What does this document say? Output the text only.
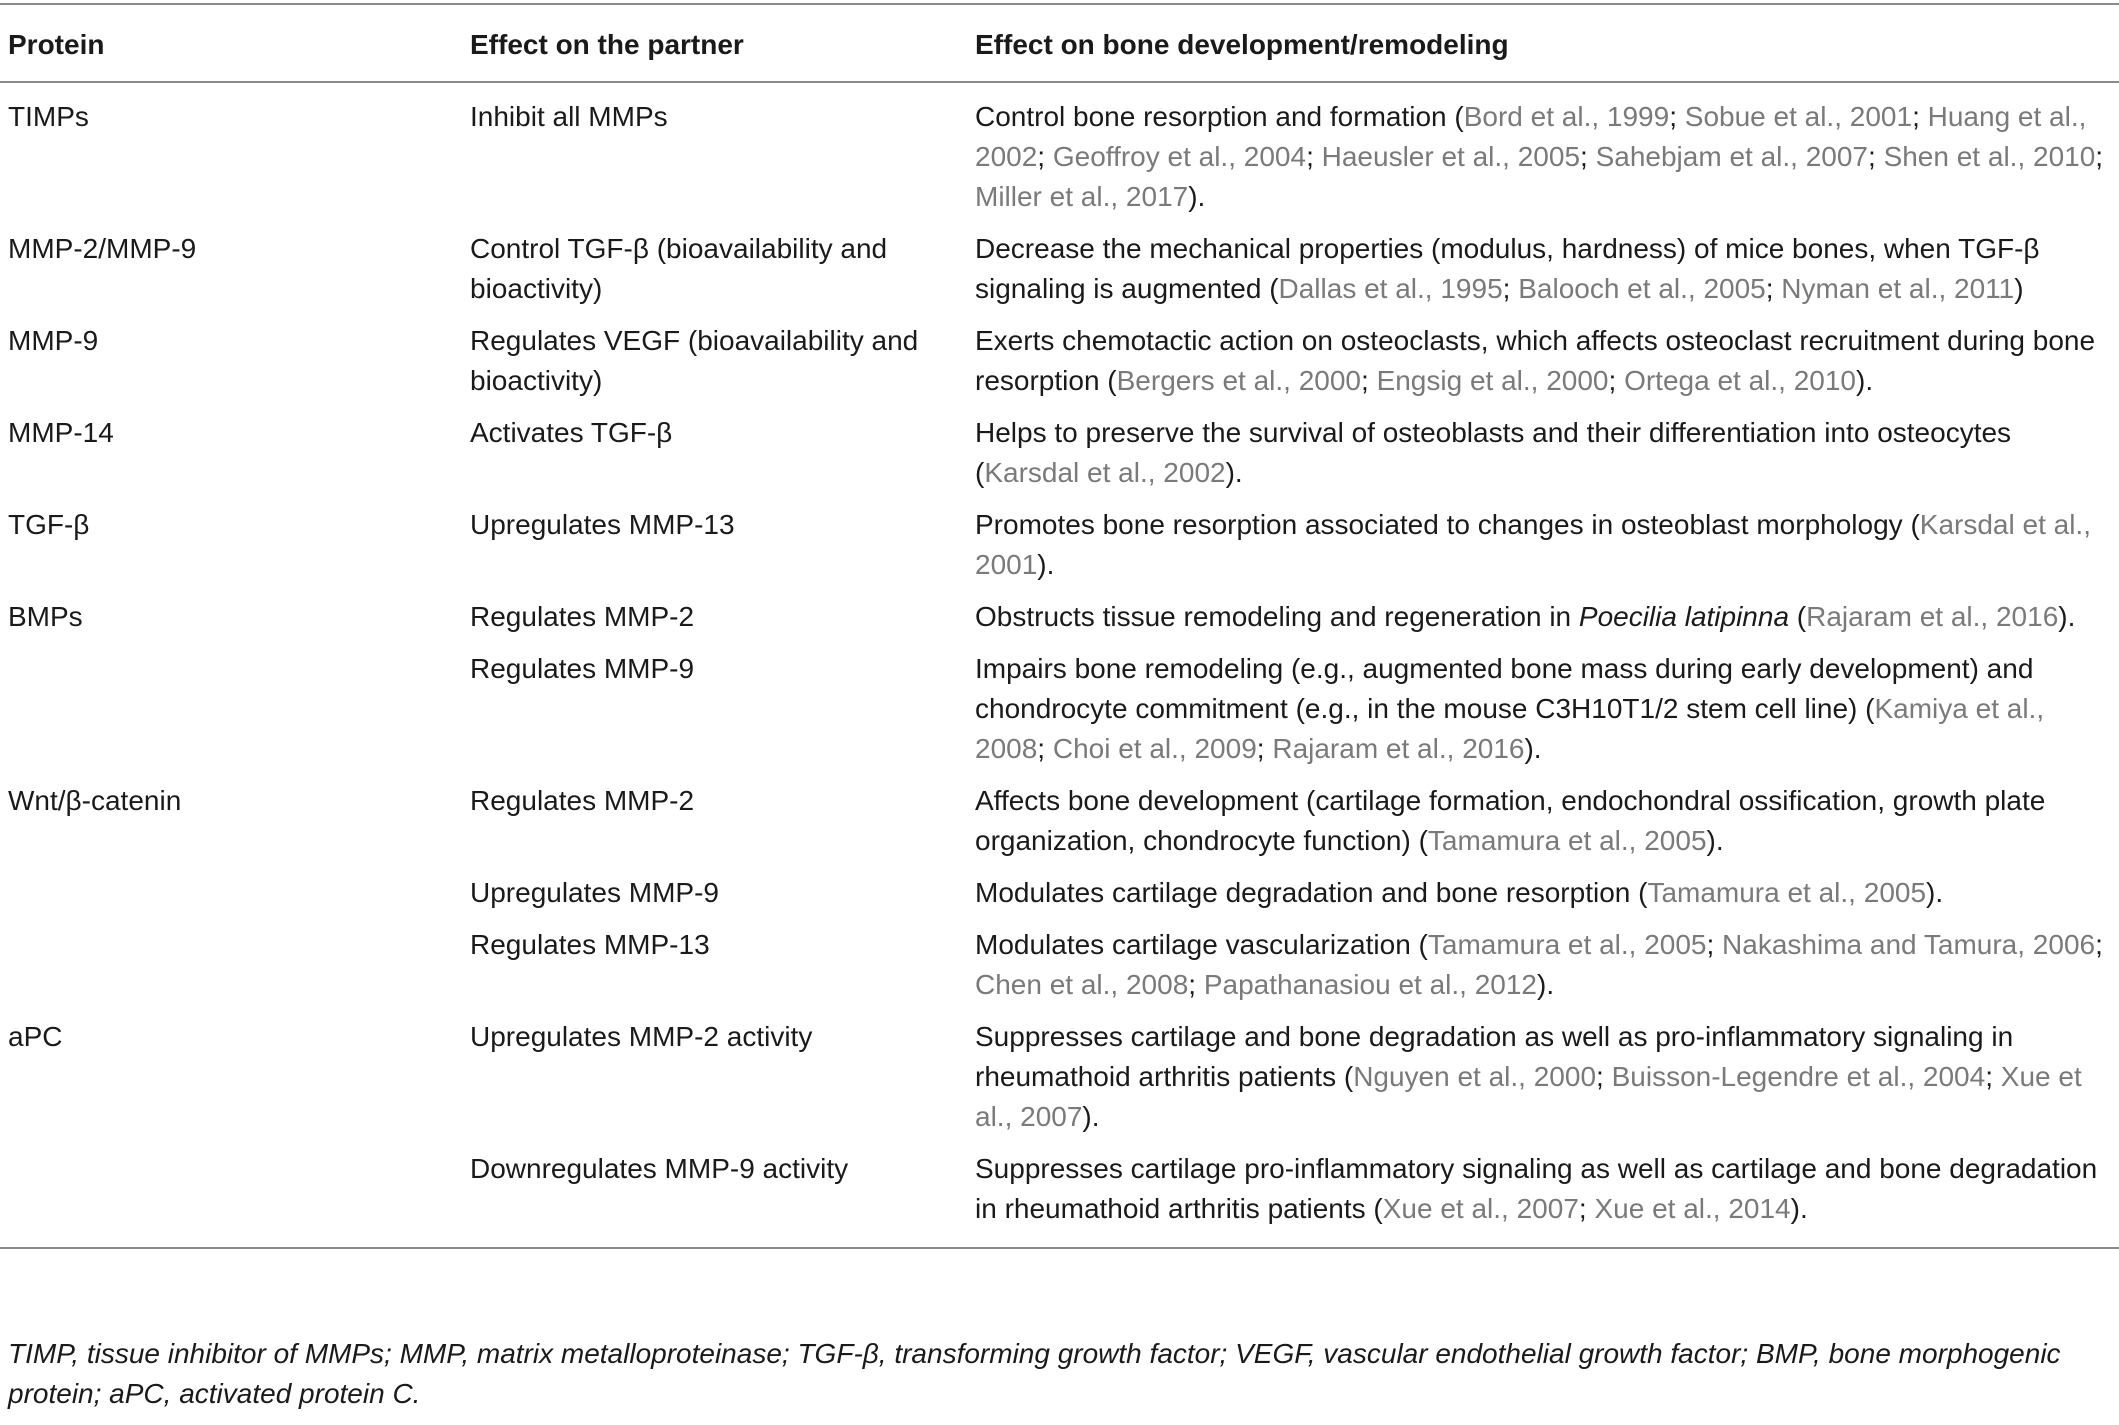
Protein	Effect on the partner	Effect on bone development/remodeling
TIMPs	Inhibit all MMPs	Control bone resorption and formation (Bord et al., 1999; Sobue et al., 2001; Huang et al., 2002; Geoffroy et al., 2004; Haeusler et al., 2005; Sahebjam et al., 2007; Shen et al., 2010; Miller et al., 2017).
MMP-2/MMP-9	Control TGF-β (bioavailability and bioactivity)	Decrease the mechanical properties (modulus, hardness) of mice bones, when TGF-β signaling is augmented (Dallas et al., 1995; Balooch et al., 2005; Nyman et al., 2011)
MMP-9	Regulates VEGF (bioavailability and bioactivity)	Exerts chemotactic action on osteoclasts, which affects osteoclast recruitment during bone resorption (Bergers et al., 2000; Engsig et al., 2000; Ortega et al., 2010).
MMP-14	Activates TGF-β	Helps to preserve the survival of osteoblasts and their differentiation into osteocytes (Karsdal et al., 2002).
TGF-β	Upregulates MMP-13	Promotes bone resorption associated to changes in osteoblast morphology (Karsdal et al., 2001).
BMPs	Regulates MMP-2	Obstructs tissue remodeling and regeneration in Poecilia latipinna (Rajaram et al., 2016).
	Regulates MMP-9	Impairs bone remodeling (e.g., augmented bone mass during early development) and chondrocyte commitment (e.g., in the mouse C3H10T1/2 stem cell line) (Kamiya et al., 2008; Choi et al., 2009; Rajaram et al., 2016).
Wnt/β-catenin	Regulates MMP-2	Affects bone development (cartilage formation, endochondral ossification, growth plate organization, chondrocyte function) (Tamamura et al., 2005).
	Upregulates MMP-9	Modulates cartilage degradation and bone resorption (Tamamura et al., 2005).
	Regulates MMP-13	Modulates cartilage vascularization (Tamamura et al., 2005; Nakashima and Tamura, 2006; Chen et al., 2008; Papathanasiou et al., 2012).
aPC	Upregulates MMP-2 activity	Suppresses cartilage and bone degradation as well as pro-inflammatory signaling in rheumathoid arthritis patients (Nguyen et al., 2000; Buisson-Legendre et al., 2004; Xue et al., 2007).
	Downregulates MMP-9 activity	Suppresses cartilage pro-inflammatory signaling as well as cartilage and bone degradation in rheumathoid arthritis patients (Xue et al., 2007; Xue et al., 2014).
TIMP, tissue inhibitor of MMPs; MMP, matrix metalloproteinase; TGF-β, transforming growth factor; VEGF, vascular endothelial growth factor; BMP, bone morphogenic protein; aPC, activated protein C.
